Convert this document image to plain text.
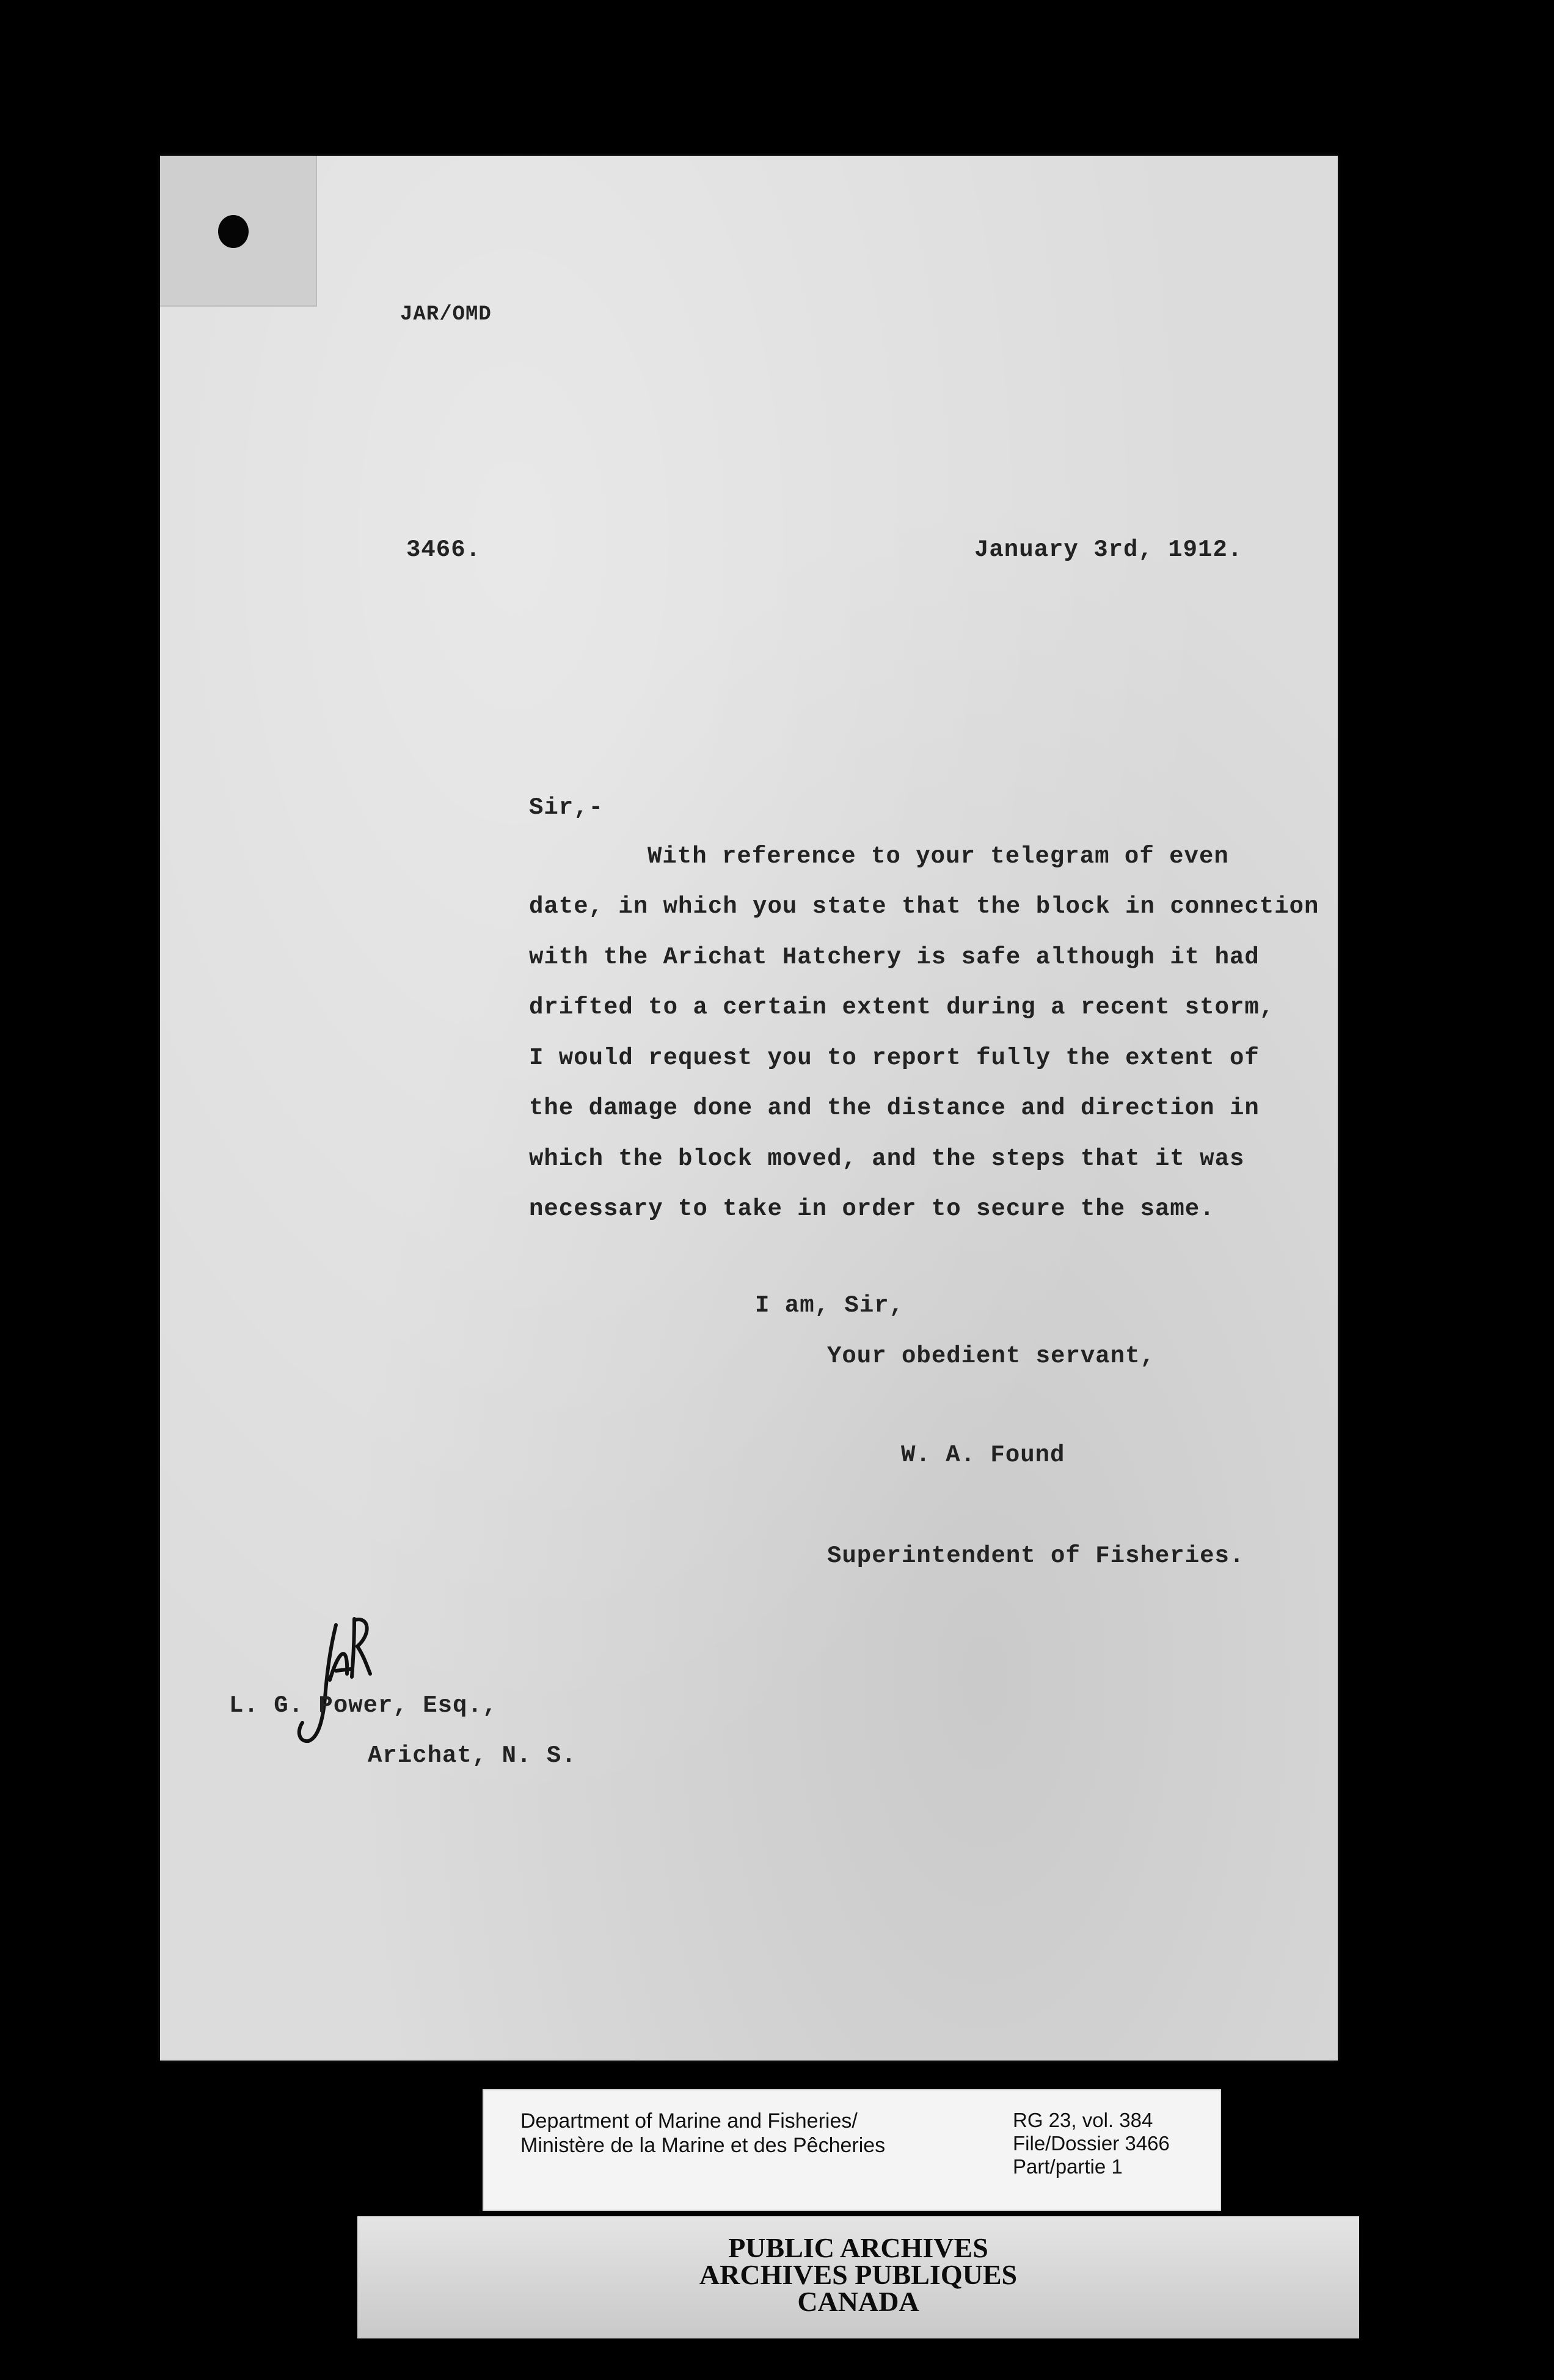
JAR/OMD
3466.	January 3rd, 1912.
Sir,-
With reference to your telegram of even
date, in which you state that the block in connection
with the Arichat Hatchery is safe although it had
drifted to a certain extent during a recent storm,
I would request you to report fully the extent of
the damage done and the distance and direction in
which the block moved, and the steps that it was
necessary to take in order to secure the same.
I am, Sir,
Your obedient servant,
W. A. Found
Superintendent of Fisheries.
L. G. Power, Esq.,
Arichat, N. S.
Department of Marine and Fisheries/
Ministère de la Marine et des Pêcheries
RG 23, vol. 384
File/Dossier 3466
Part/partie 1
PUBLIC ARCHIVES
ARCHIVES PUBLIQUES
CANADA
